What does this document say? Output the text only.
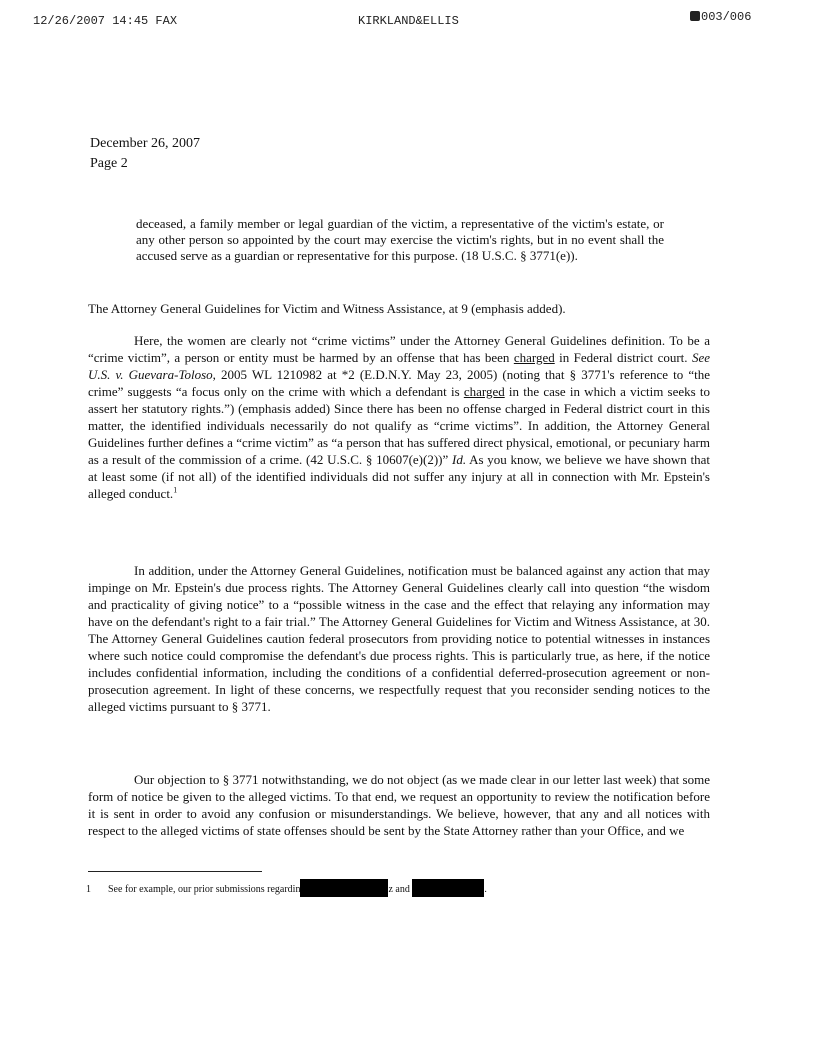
12/26/2007 14:45 FAX	KIRKLAND&ELLIS	003/006
December 26, 2007
Page 2
deceased, a family member or legal guardian of the victim, a representative of the victim's estate, or any other person so appointed by the court may exercise the victim's rights, but in no event shall the accused serve as a guardian or representative for this purpose. (18 U.S.C. § 3771(e)).
The Attorney General Guidelines for Victim and Witness Assistance, at 9 (emphasis added).
Here, the women are clearly not “crime victims” under the Attorney General Guidelines definition. To be a “crime victim”, a person or entity must be harmed by an offense that has been charged in Federal district court. See U.S. v. Guevara-Toloso, 2005 WL 1210982 at *2 (E.D.N.Y. May 23, 2005) (noting that § 3771's reference to “the crime” suggests “a focus only on the crime with which a defendant is charged in the case in which a victim seeks to assert her statutory rights.”) (emphasis added) Since there has been no offense charged in Federal district court in this matter, the identified individuals necessarily do not qualify as “crime victims”. In addition, the Attorney General Guidelines further defines a “crime victim” as “a person that has suffered direct physical, emotional, or pecuniary harm as a result of the commission of a crime. (42 U.S.C. § 10607(e)(2))” Id. As you know, we believe we have shown that at least some (if not all) of the identified individuals did not suffer any injury at all in connection with Mr. Epstein's alleged conduct.$^1$
In addition, under the Attorney General Guidelines, notification must be balanced against any action that may impinge on Mr. Epstein's due process rights. The Attorney General Guidelines clearly call into question “the wisdom and practicality of giving notice” to a “possible witness in the case and the effect that relaying any information may have on the defendant's right to a fair trial.” The Attorney General Guidelines for Victim and Witness Assistance, at 30. The Attorney General Guidelines caution federal prosecutors from providing notice to potential witnesses in instances where such notice could compromise the defendant's due process rights. This is particularly true, as here, if the notice includes confidential information, including the conditions of a confidential deferred-prosecution agreement or non-prosecution agreement. In light of these concerns, we respectfully request that you reconsider sending notices to the alleged victims pursuant to § 3771.
Our objection to § 3771 notwithstanding, we do not object (as we made clear in our letter last week) that some form of notice be given to the alleged victims. To that end, we request an opportunity to review the notification before it is sent in order to avoid any confusion or misunderstandings. We believe, however, that any and all notices with respect to the alleged victims of state offenses should be sent by the State Attorney rather than your Office, and we
1 See for example, our prior submissions regardin	z and	.
